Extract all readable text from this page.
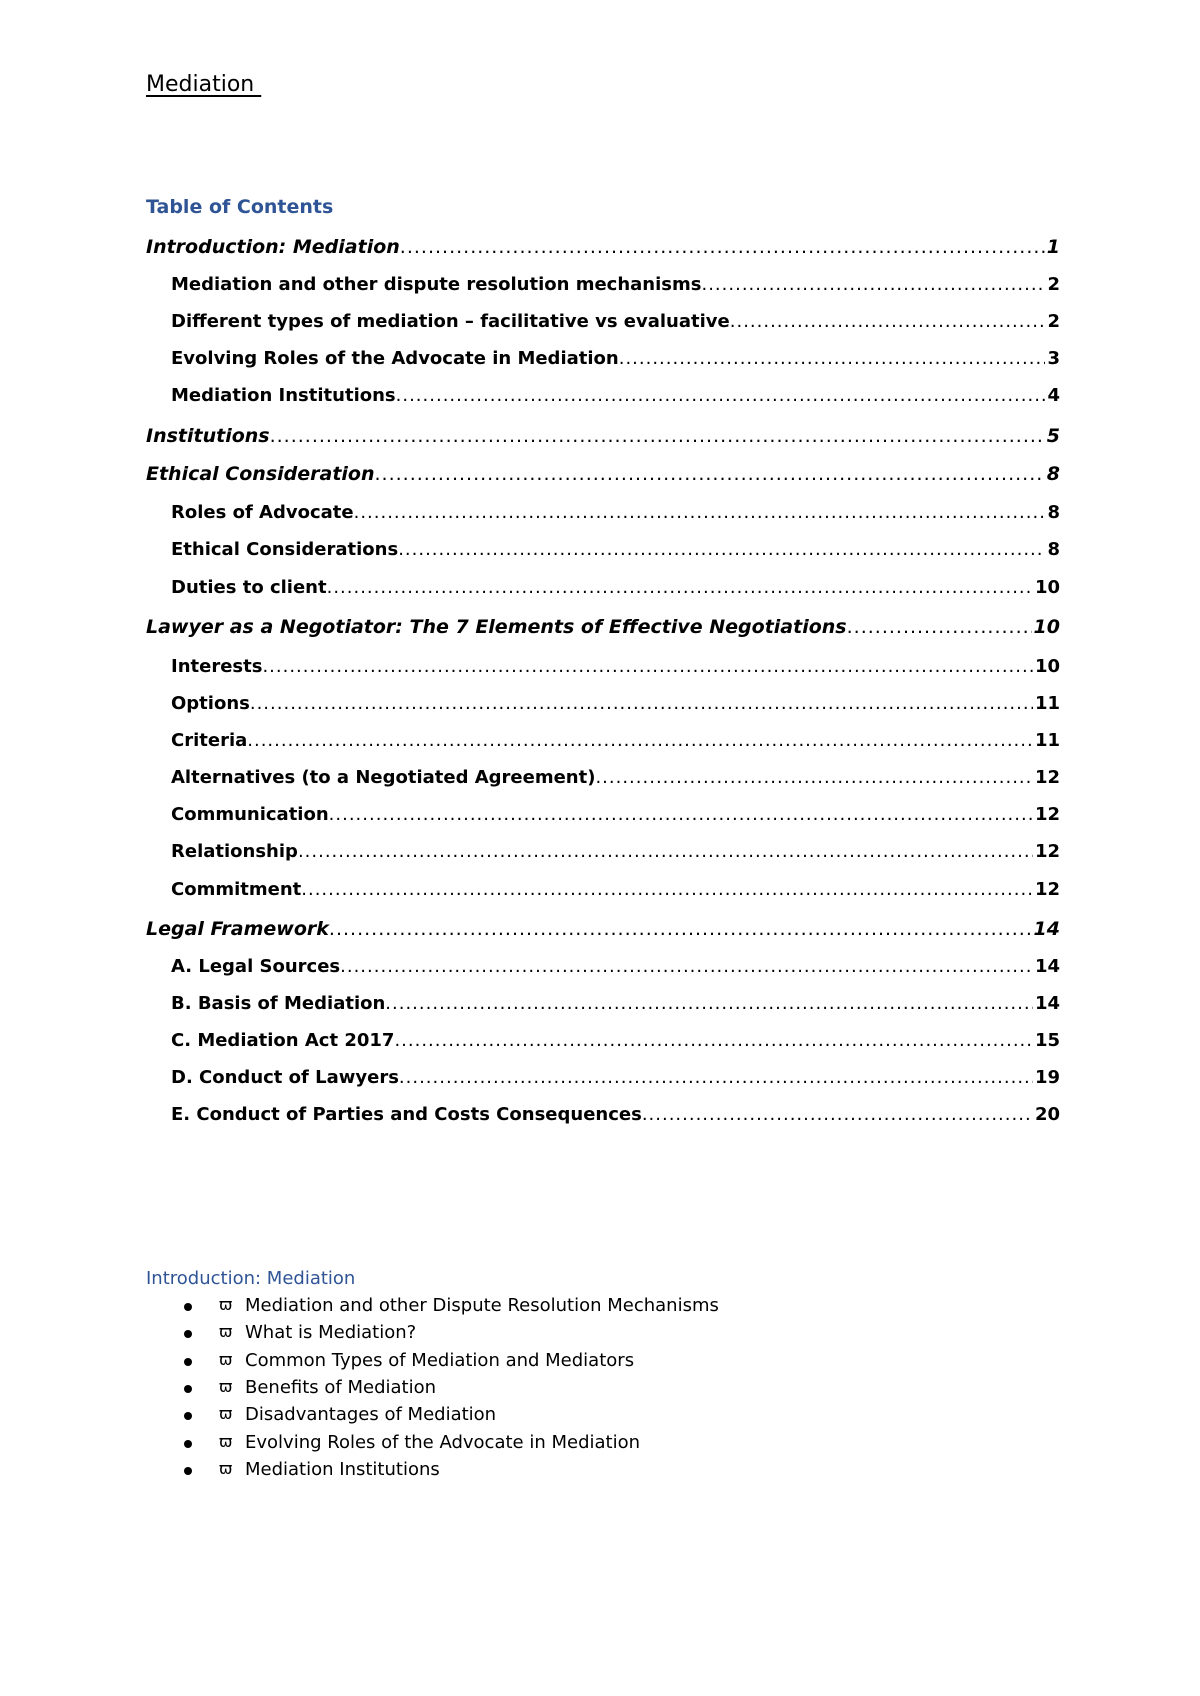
Mediation
Table of Contents
Introduction: Mediation .....	1
Mediation and other dispute resolution mechanisms .....	2
Different types of mediation – facilitative vs evaluative .....	2
Evolving Roles of the Advocate in Mediation .....	3
Mediation Institutions .....	4
Institutions .....	5
Ethical Consideration .....	8
Roles of Advocate .....	8
Ethical Considerations .....	8
Duties to client .....	10
Lawyer as a Negotiator: The 7 Elements of Effective Negotiations .....	10
Interests .....	10
Options .....	11
Criteria .....	11
Alternatives (to a Negotiated Agreement) .....	12
Communication .....	12
Relationship .....	12
Commitment .....	12
Legal Framework .....	14
A. Legal Sources .....	14
B. Basis of Mediation .....	14
C. Mediation Act 2017 .....	15
D. Conduct of Lawyers .....	19
E. Conduct of Parties and Costs Consequences .....	20
Introduction: Mediation
ϖ Mediation and other Dispute Resolution Mechanisms
ϖ What is Mediation?
ϖ Common Types of Mediation and Mediators
ϖ Benefits of Mediation
ϖ Disadvantages of Mediation
ϖ Evolving Roles of the Advocate in Mediation
ϖ Mediation Institutions
